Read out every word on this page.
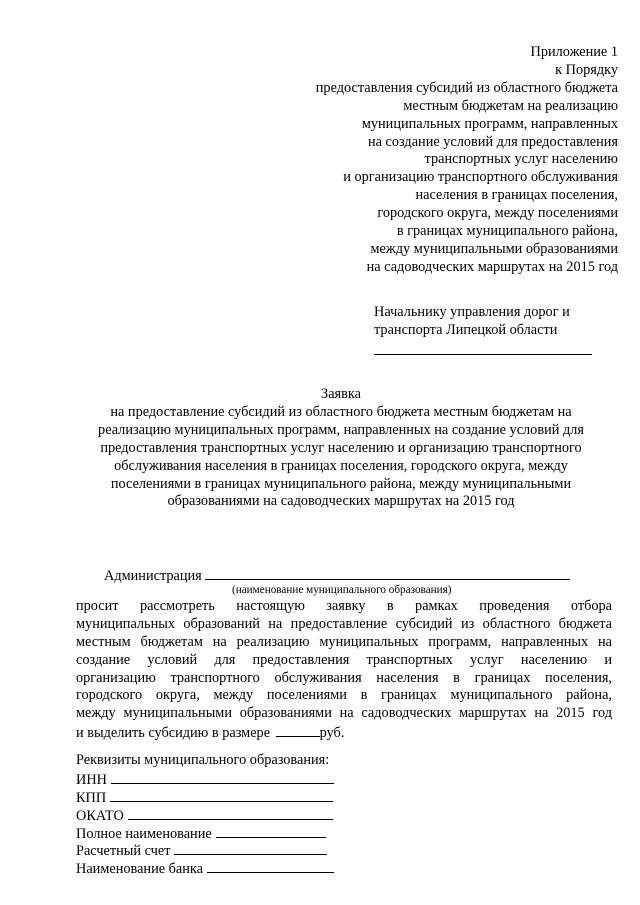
Приложение 1
к Порядку
предоставления субсидий из областного бюджета
местным бюджетам на реализацию
муниципальных программ, направленных
на создание условий для предоставления
транспортных услуг населению
и организацию транспортного обслуживания
населения в границах поселения,
городского округа, между поселениями
в границах муниципального района,
между муниципальными образованиями
на садоводческих маршрутах на 2015 год
Начальнику управления дорог и
транспорта Липецкой области
Заявка
на предоставление субсидий из областного бюджета местным бюджетам на
реализацию муниципальных программ, направленных на создание условий для
предоставления транспортных услуг населению и организацию транспортного
обслуживания населения в границах поселения, городского округа, между
поселениями в границах муниципального района, между муниципальными
образованиями на садоводческих маршрутах на 2015 год
Администрация
(наименование муниципального образования)
просит рассмотреть настоящую заявку в рамках проведения отбора
муниципальных образований на предоставление субсидий из областного бюджета
местным бюджетам на реализацию муниципальных программ, направленных на
создание условий для предоставления транспортных услуг населению и
организацию транспортного обслуживания населения в границах поселения,
городского округа, между поселениями в границах муниципального района,
между муниципальными образованиями на садоводческих маршрутах на 2015 год
и выделить субсидию в размере	руб.
Реквизиты муниципального образования:
ИНН
КПП
ОКАТО
Полное наименование
Расчетный счет
Наименование банка
